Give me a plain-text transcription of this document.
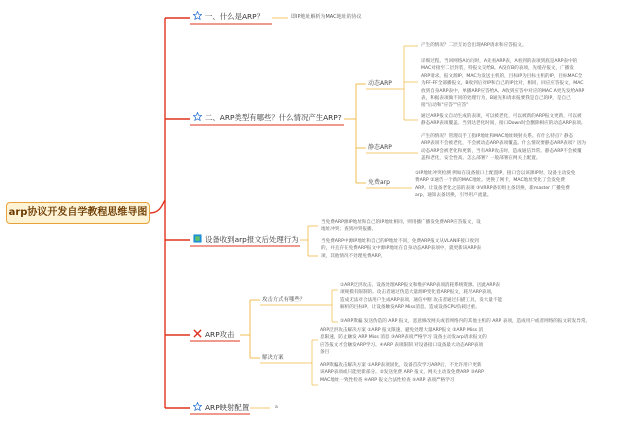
arp协议开发自学教程思维导图
一、什么是ARP？	即IP地址解析为MAC地址的协议
二、ARP类型有哪些？什么情况产生ARP?
动态ARP
静态ARP
免费arp
产生的情况？二层互访会出现ARP请求和应答报文。
详细过程。当回网络A访问时，A先看ARP表，A看到的表项到底是ARP表中的
MAC对接至二层封装，特报文交给B。A没有B的表项，先缓存报文，广播发
ARP请求，报文源IP、MAC为发送主机的，目标IP为目标主机的IP，目标MAC全
为FF-FF全部播报文。B收到后对IP和自己的IP比对，相同，回应应答报文，MAC
放到自身ARP表中，单播ARP应答给A。A收到应答中对应的MAC A更先发给ARP
表，和据表项做不同的处理行为，B通先和请求报要我是自己的IP，是自己
接"后动和"应答""应答"
通过ARP报文自动生成的表项，可以被老化，可以被新的ARP报文更新，可以被
静态ARP表项覆盖。当到达老化时间，接口Down时会删除相应的动态ARP表项。
产生的情况？管理员手工指IP地址和MAC地址映射关系。有什么特点？静态
ARP表项不会被老化，不会被动态ARP表项覆盖。什么情况要静态ARP表项？因为
动态ARP会被老化和更新，当有ARP攻击时，造成通信异常。静态ARP不会被覆
盖和老化，安全性高。怎么部署？一般部署在网关上配置。
①IP地址冲突检测 例如在设备接口上配置IP，接口会以该源IP时，设备主动发免
费ARP ②通告一个新的MAC地址。更换了网卡，MAC地址变化了会发免费
ARP。让设备老化之前的表项 ③VRRP备切组主备切换，新master 广播免费
arp，通知去备切换，引导用户流量。
设备收到arp报文后处理行为
当免费ARP源IP地址和自己的IP地址相同，则用播广播发免费ARP应答报文，设
地址冲突；查到冲突报播。
当免费ARP中源IP地址和自己的IP地址不同，免费ARP报文从VLANIF接口收到
的，并且存在免费ARP报文中源IP地址在自身动态ARP表项中，就更新该ARP表
项，其他情况不处理免费ARP。
ARP攻击
攻击方式有哪些？
解决方案
①ARP泛洪攻击。设备处理ARP报文和维护ARP表项消耗系统资源。因此ARP表
项规模有限制的。攻击者通过伪造大量源IP变化着ARP报文，耗尽ARP表项，
造成无法对合法用户生成ARP表项，通信中断 攻击者通过扫描工具，发大量不能
解析的目标IP，让设备触发ARP Miss消息，造成设备CPU负载过重。
②ARP欺骗 发送伪造的 ARP 报文，恶意修改网关或者网络内的其他主机的 ARP 表项，造成用户或者网络的报文转发异常。
ARP泛洪攻击解决方案 ①ARP 报文限速，避免处理大量ARP报文 ②ARP Miss 消
息限速，防止触发 ARP Miss 消息 ③ARP表项严格学习 设备主动发arp请求报文的
应答报文才会触发ARP学习。④ARP 表项限制 对设备接口设备最大动态ARP表项
条目
ARP欺骗攻击解决方案 ①ARP表项固化，设备首次学习ARP后，不允许用户更新
该ARP表项或只能更新部分。②发送免费 ARP 报文，网关主动发免费ARP ③ARP
MAC地址一致性检查 ④ARP 报文合法性检查 ⑤ARP 表项严格学习
ARP映射配置	a
